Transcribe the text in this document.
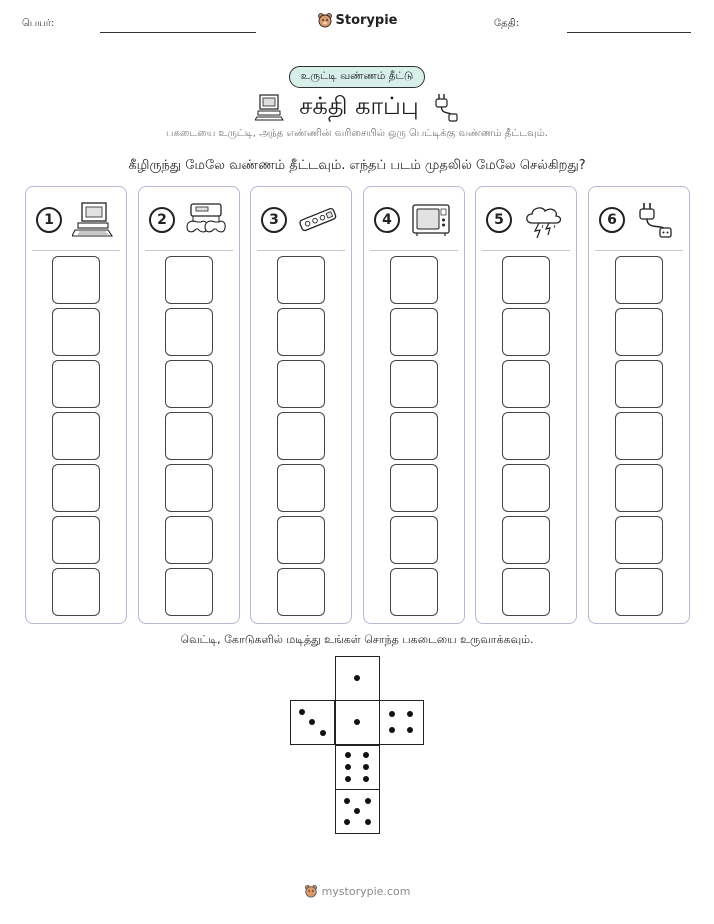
பெயர்:	Storypie	தேதி:
உருட்டி வண்ணம் தீட்டு
சக்தி காப்பு
பகடையை உருட்டி, அந்த எண்ணின் வரிசையில் ஒரு பெட்டிக்கு வண்ணம் தீட்டவும்.
கீழிருந்து மேலே வண்ணம் தீட்டவும். எந்தப் படம் முதலில் மேலே செல்கிறது?
1	2	3	4	5	6
வெட்டி, கோடுகளில் மடித்து உங்கள் சொந்த பகடையை உருவாக்கவும்.
mystorypie.com
